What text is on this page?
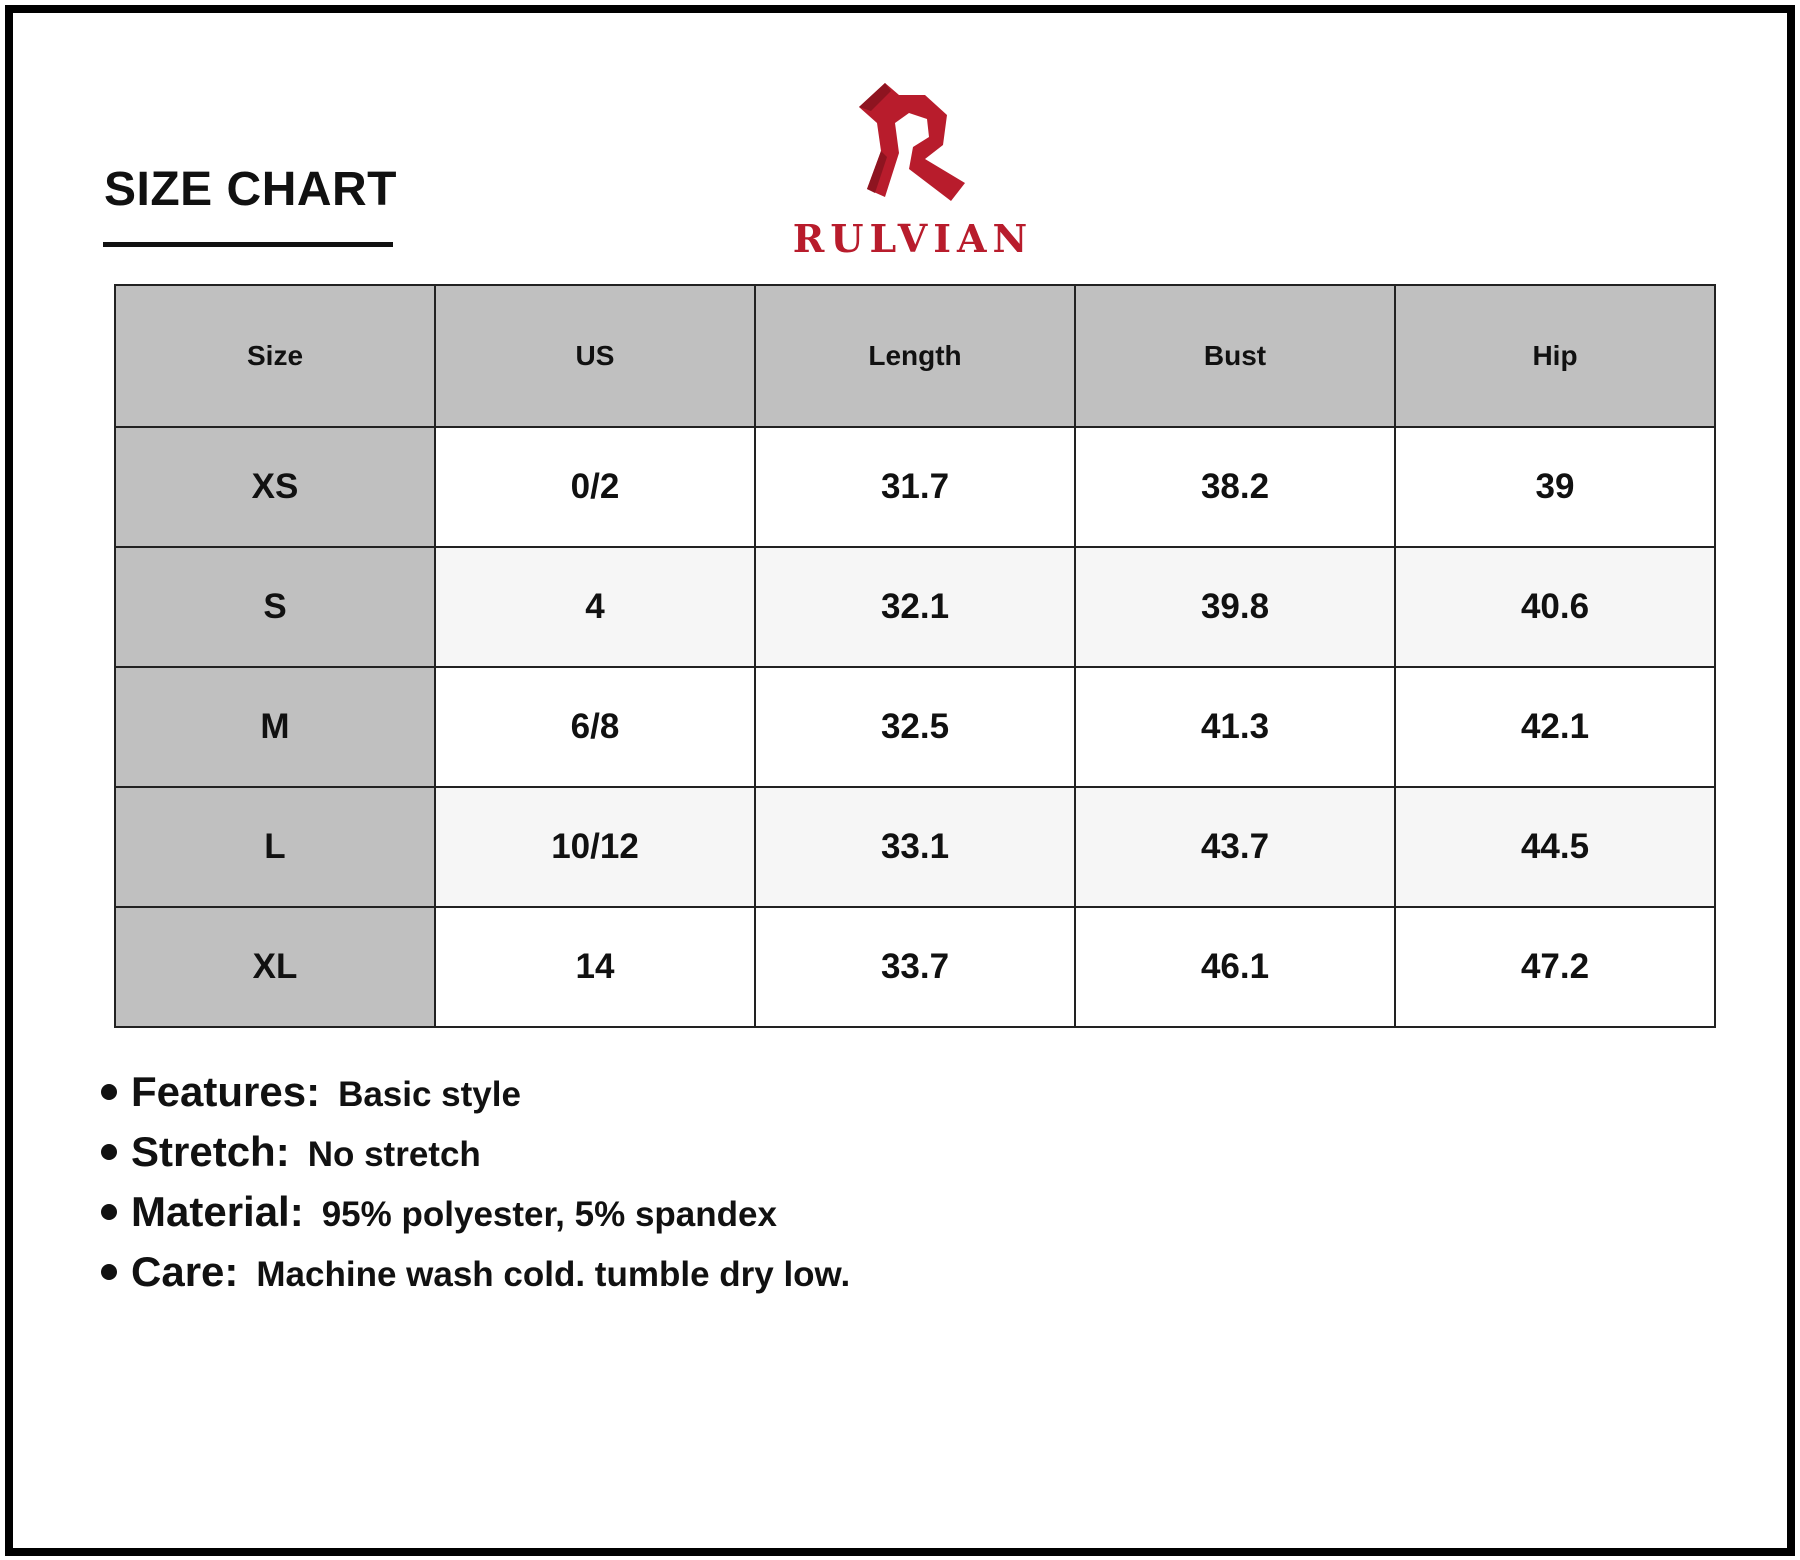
SIZE CHART
RULVIAN
Size	US	Length	Bust	Hip
XS	0/2	31.7	38.2	39
S	4	32.1	39.8	40.6
M	6/8	32.5	41.3	42.1
L	10/12	33.1	43.7	44.5
XL	14	33.7	46.1	47.2
Features: Basic style
Stretch: No stretch
Material: 95% polyester, 5% spandex
Care: Machine wash cold. tumble dry low.
